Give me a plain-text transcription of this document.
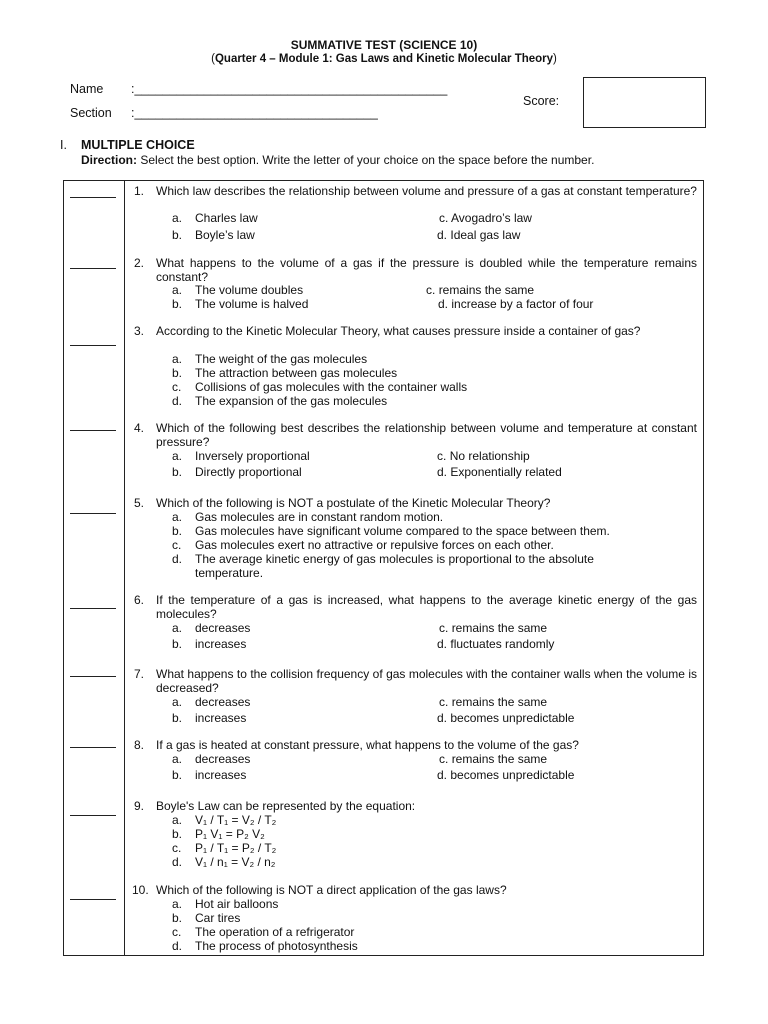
SUMMATIVE TEST (SCIENCE 10)
(Quarter 4 – Module 1: Gas Laws and Kinetic Molecular Theory)
Name :_____________________________________________
Section :___________________________________
Score:
I. MULTIPLE CHOICE
Direction: Select the best option. Write the letter of your choice on the space before the number.
1. Which law describes the relationship between volume and pressure of a gas at constant temperature?
a. Charles law	c. Avogadro’s law
b. Boyle’s law	d. Ideal gas law
2. What happens to the volume of a gas if the pressure is doubled while the temperature remains constant?
a. The volume doubles	c. remains the same
b. The volume is halved	d. increase by a factor of four
3. According to the Kinetic Molecular Theory, what causes pressure inside a container of gas?
a. The weight of the gas molecules
b. The attraction between gas molecules
c. Collisions of gas molecules with the container walls
d. The expansion of the gas molecules
4. Which of the following best describes the relationship between volume and temperature at constant pressure?
a. Inversely proportional	c. No relationship
b. Directly proportional	d. Exponentially related
5. Which of the following is NOT a postulate of the Kinetic Molecular Theory?
a. Gas molecules are in constant random motion.
b. Gas molecules have significant volume compared to the space between them.
c. Gas molecules exert no attractive or repulsive forces on each other.
d. The average kinetic energy of gas molecules is proportional to the absolute
temperature.
6. If the temperature of a gas is increased, what happens to the average kinetic energy of the gas molecules?
a. decreases	c. remains the same
b. increases	d. fluctuates randomly
7. What happens to the collision frequency of gas molecules with the container walls when the volume is decreased?
a. decreases	c. remains the same
b. increases	d. becomes unpredictable
8. If a gas is heated at constant pressure, what happens to the volume of the gas?
a. decreases	c. remains the same
b. increases	d. becomes unpredictable
9. Boyle's Law can be represented by the equation:
a. V₁ / T₁ = V₂ / T₂
b. P₁ V₁ = P₂ V₂
c. P₁ / T₁ = P₂ / T₂
d. V₁ / n₁ = V₂ / n₂
10. Which of the following is NOT a direct application of the gas laws?
a. Hot air balloons
b. Car tires
c. The operation of a refrigerator
d. The process of photosynthesis
